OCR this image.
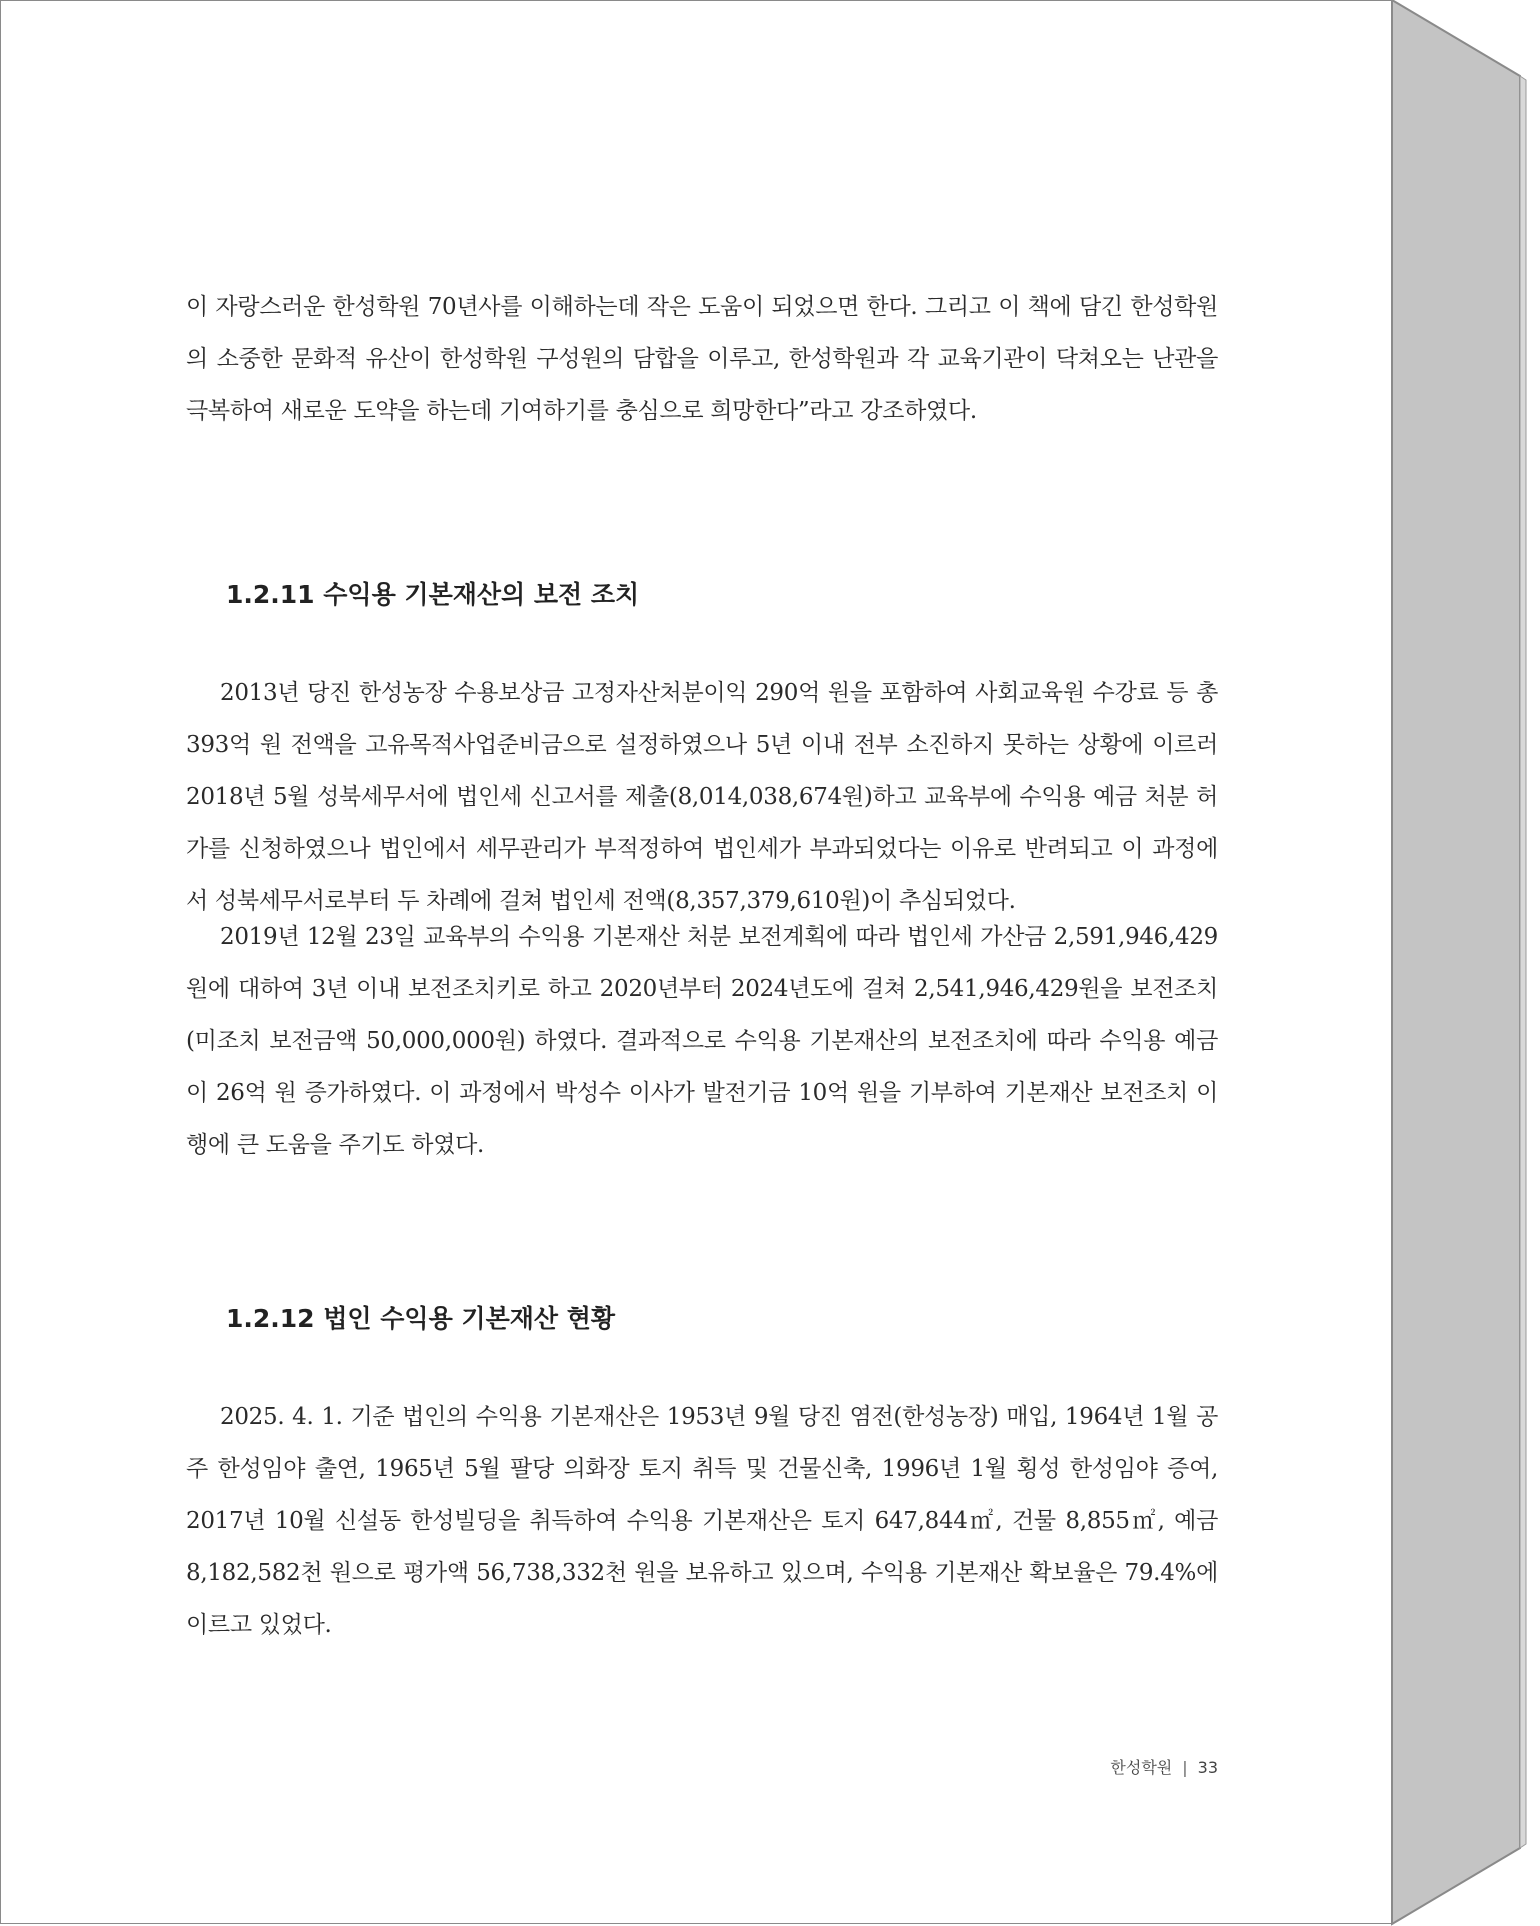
이 자랑스러운 한성학원 70년사를 이해하는데 작은 도움이 되었으면 한다. 그리고 이 책에 담긴 한성학원의 소중한 문화적 유산이 한성학원 구성원의 담합을 이루고, 한성학원과 각 교육기관이 닥쳐오는 난관을 극복하여 새로운 도약을 하는데 기여하기를 충심으로 희망한다”라고 강조하였다.

1.2.11 수익용 기본재산의 보전 조치

2013년 당진 한성농장 수용보상금 고정자산처분이익 290억 원을 포함하여 사회교육원 수강료 등 총 393억 원 전액을 고유목적사업준비금으로 설정하였으나 5년 이내 전부 소진하지 못하는 상황에 이르러 2018년 5월 성북세무서에 법인세 신고서를 제출(8,014,038,674원)하고 교육부에 수익용 예금 처분 허가를 신청하였으나 법인에서 세무관리가 부적정하여 법인세가 부과되었다는 이유로 반려되고 이 과정에서 성북세무서로부터 두 차례에 걸쳐 법인세 전액(8,357,379,610원)이 추심되었다.

2019년 12월 23일 교육부의 수익용 기본재산 처분 보전계획에 따라 법인세 가산금 2,591,946,429원에 대하여 3년 이내 보전조치키로 하고 2020년부터 2024년도에 걸쳐 2,541,946,429원을 보전조치(미조치 보전금액 50,000,000원) 하였다. 결과적으로 수익용 기본재산의 보전조치에 따라 수익용 예금이 26억 원 증가하였다. 이 과정에서 박성수 이사가 발전기금 10억 원을 기부하여 기본재산 보전조치 이행에 큰 도움을 주기도 하였다.

1.2.12 법인 수익용 기본재산 현황

2025. 4. 1. 기준 법인의 수익용 기본재산은 1953년 9월 당진 염전(한성농장) 매입, 1964년 1월 공주 한성임야 출연, 1965년 5월 팔당 의화장 토지 취득 및 건물신축, 1996년 1월 횡성 한성임야 증여, 2017년 10월 신설동 한성빌딩을 취득하여 수익용 기본재산은 토지 647,844㎡, 건물 8,855㎡, 예금 8,182,582천 원으로 평가액 56,738,332천 원을 보유하고 있으며, 수익용 기본재산 확보율은 79.4%에 이르고 있었다.

한성학원 | 33
